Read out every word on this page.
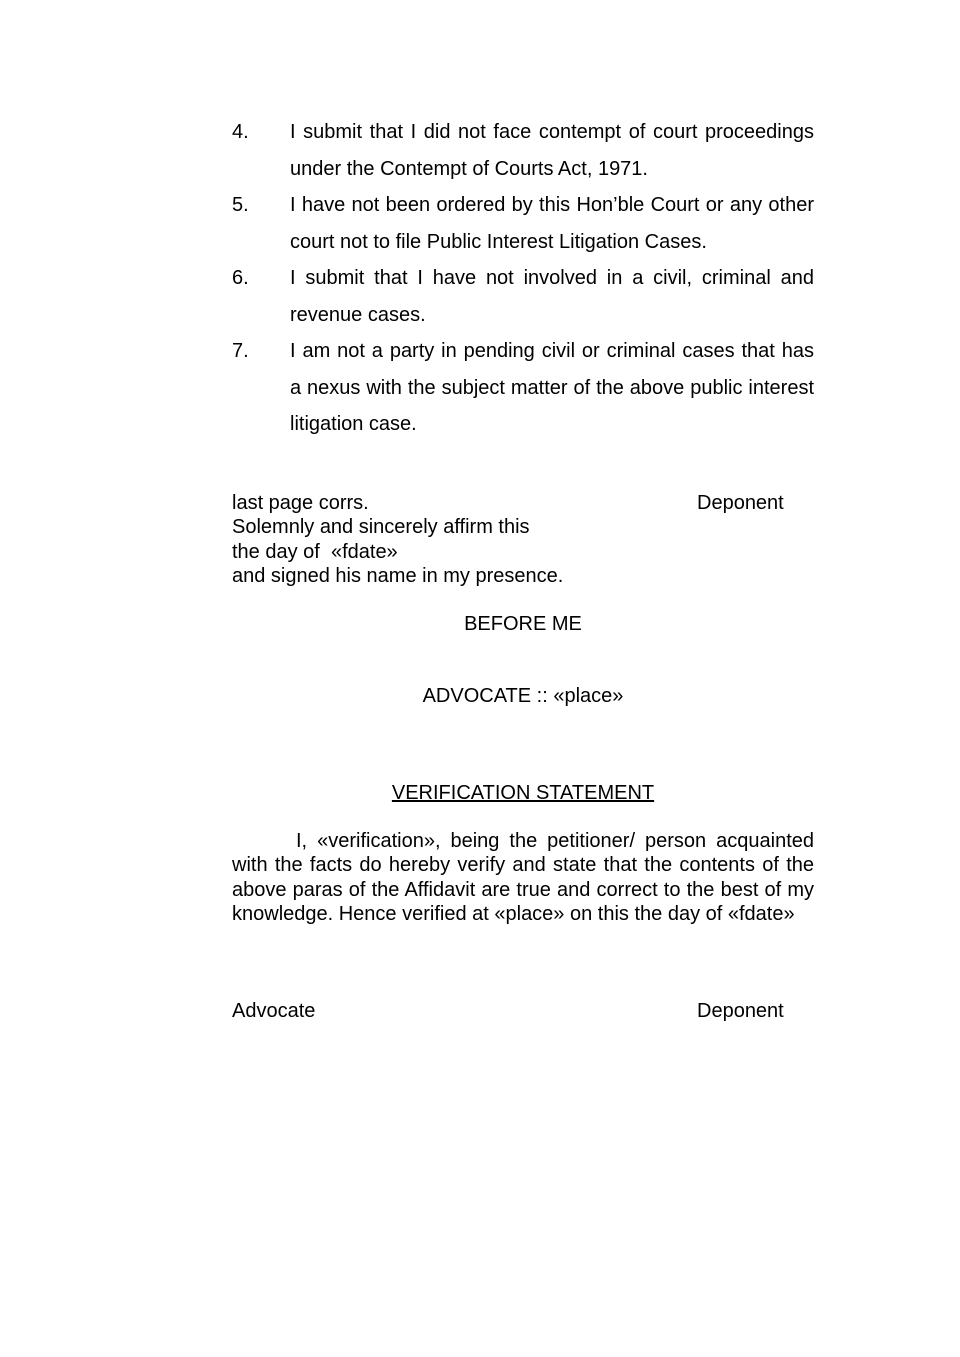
4.	I submit that I did not face contempt of court proceedings under the Contempt of Courts Act, 1971.
5.	I have not been ordered by this Hon’ble Court or any other court not to file Public Interest Litigation Cases.
6.	I submit that I have not involved in a civil, criminal and revenue cases.
7.	I am not a party in pending civil or criminal cases that has a nexus with the subject matter of the above public interest litigation case.
last page corrs.
Solemnly and sincerely affirm this
the day of  «fdate»
and signed his name in my presence.
Deponent
BEFORE ME
ADVOCATE :: «place»
VERIFICATION STATEMENT
I, «verification», being the petitioner/ person acquainted with the facts do hereby verify and state that the contents of the above paras of the Affidavit are true and correct to the best of my knowledge. Hence verified at «place» on this the day of «fdate»
Advocate	Deponent
